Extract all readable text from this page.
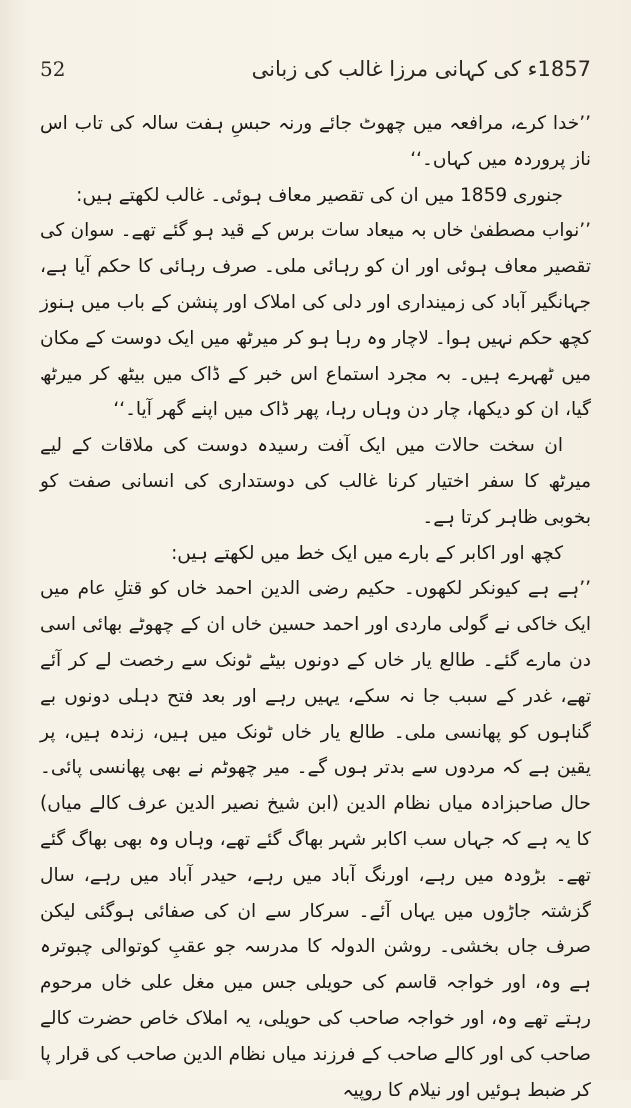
52	1857ء کی کہانی مرزا غالب کی زبانی

’’خدا کرے، مرافعہ میں چھوٹ جائے ورنہ حبسِ ہفت سالہ کی تاب اس ناز پروردہ میں کہاں۔‘‘

جنوری 1859 میں ان کی تقصیر معاف ہوئی۔ غالب لکھتے ہیں:

’’نواب مصطفیٰ خاں بہ میعاد سات برس کے قید ہو گئے تھے۔ سوان کی تقصیر معاف ہوئی اور ان کو رہائی ملی۔ صرف رہائی کا حکم آیا ہے، جہانگیر آباد کی زمینداری اور دلی کی املاک اور پنشن کے باب میں ہنوز کچھ حکم نہیں ہوا۔ لاچار وہ رہا ہو کر میرٹھ میں ایک دوست کے مکان میں ٹھہرے ہیں۔ بہ مجرد استماع اس خبر کے ڈاک میں بیٹھ کر میرٹھ گیا، ان کو دیکھا، چار دن وہاں رہا، پھر ڈاک میں اپنے گھر آیا۔‘‘

ان سخت حالات میں ایک آفت رسیدہ دوست کی ملاقات کے لیے میرٹھ کا سفر اختیار کرنا غالب کی دوستداری کی انسانی صفت کو بخوبی ظاہر کرتا ہے۔

کچھ اور اکابر کے بارے میں ایک خط میں لکھتے ہیں:

’’ہے ہے کیونکر لکھوں۔ حکیم رضی الدین احمد خاں کو قتلِ عام میں ایک خاکی نے گولی ماردی اور احمد حسین خاں ان کے چھوٹے بھائی اسی دن مارے گئے۔ طالع یار خاں کے دونوں بیٹے ٹونک سے رخصت لے کر آئے تھے، غدر کے سبب جا نہ سکے، یہیں رہے اور بعد فتح دہلی دونوں بے گناہوں کو پھانسی ملی۔ طالع یار خاں ٹونک میں ہیں، زندہ ہیں، پر یقین ہے کہ مردوں سے بدتر ہوں گے۔ میر چھوٹم نے بھی پھانسی پائی۔ حال صاحبزادہ میاں نظام الدین (ابن شیخ نصیر الدین عرف کالے میاں) کا یہ ہے کہ جہاں سب اکابر شہر بھاگ گئے تھے، وہاں وہ بھی بھاگ گئے تھے۔ بڑودہ میں رہے، اورنگ آباد میں رہے، حیدر آباد میں رہے، سال گزشتہ جاڑوں میں یہاں آئے۔ سرکار سے ان کی صفائی ہوگئی لیکن صرف جاں بخشی۔ روشن الدولہ کا مدرسہ جو عقبِ کوتوالی چبوترہ ہے وہ، اور خواجہ قاسم کی حویلی جس میں مغل علی خاں مرحوم رہتے تھے وہ، اور خواجہ صاحب کی حویلی، یہ املاک خاص حضرت کالے صاحب کی اور کالے صاحب کے فرزند میاں نظام الدین صاحب کی قرار پا کر ضبط ہوئیں اور نیلام کا روپیہ
